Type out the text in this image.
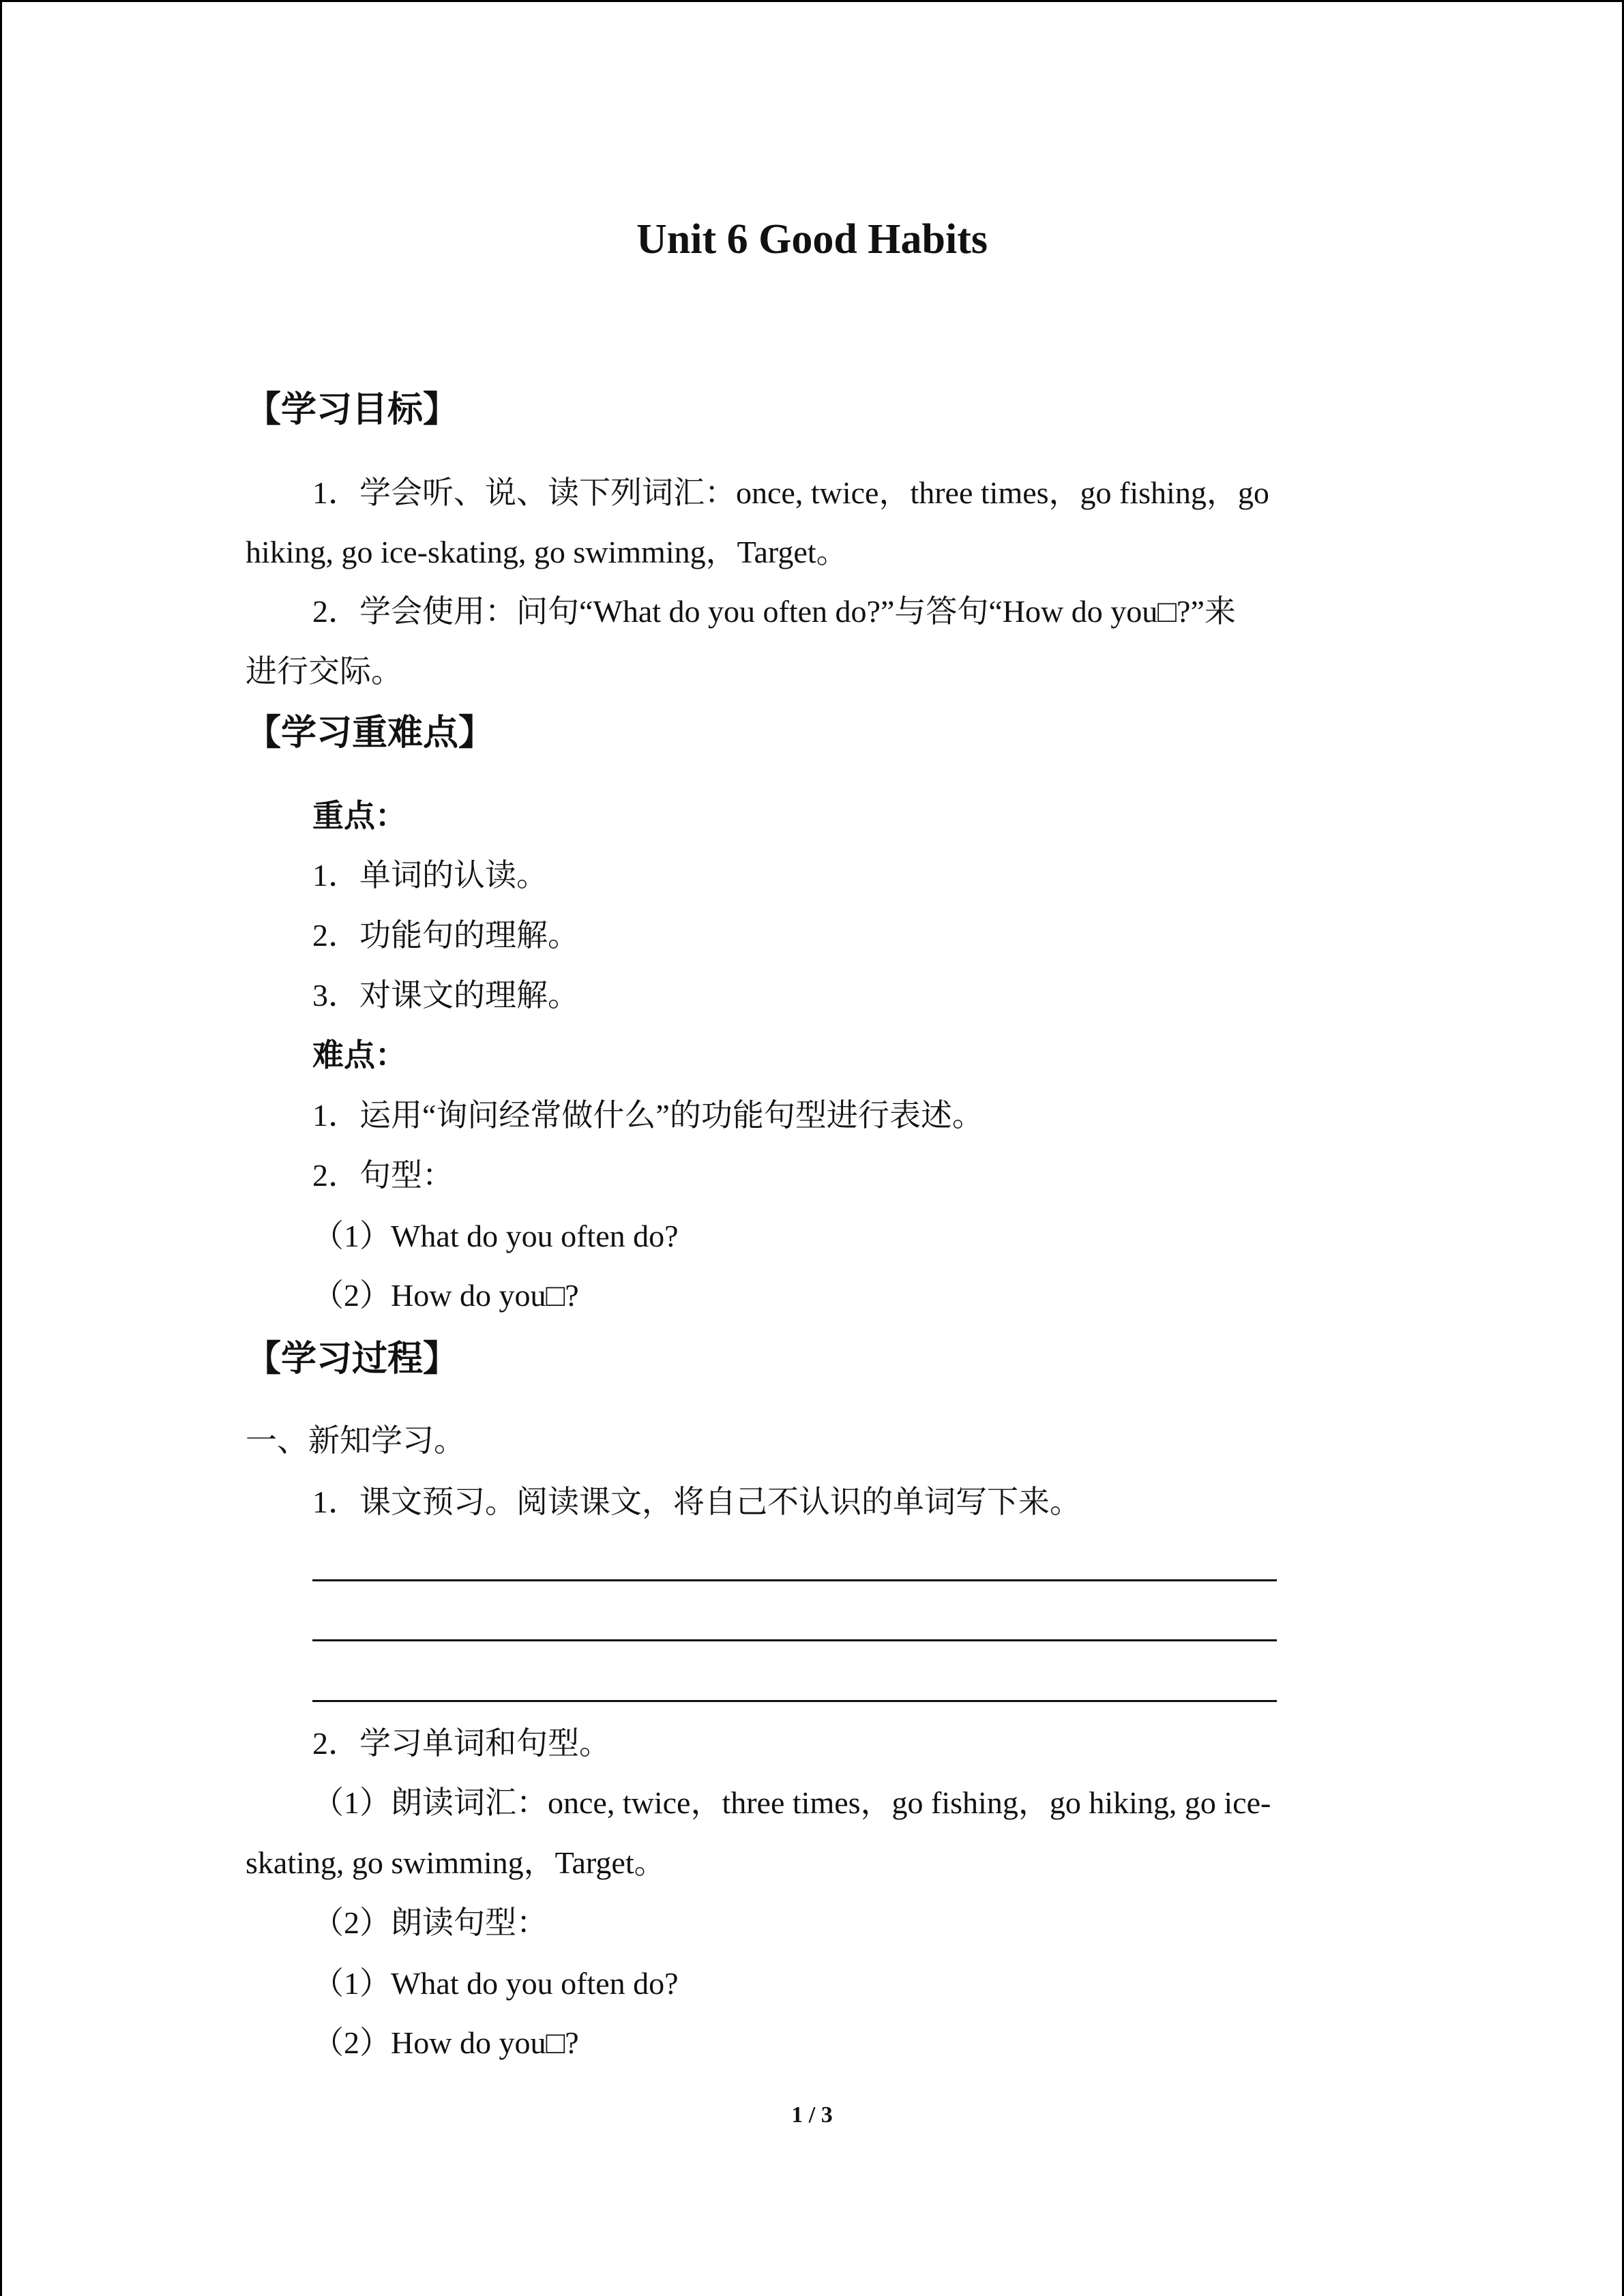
Unit 6 Good Habits
【学习目标】
1．学会听、说、读下列词汇：once, twice，three times，go fishing，go
hiking, go ice-skating, go swimming，Target。
2．学会使用：问句“What do you often do?”与答句“How do you□?”来
进行交际。
【学习重难点】
重点：
1．单词的认读。
2．功能句的理解。
3．对课文的理解。
难点：
1．运用“询问经常做什么”的功能句型进行表述。
2．句型：
（1）What do you often do?
（2）How do you□?
【学习过程】
一、新知学习。
1．课文预习。阅读课文，将自己不认识的单词写下来。
2．学习单词和句型。
（1）朗读词汇：once, twice，three times，go fishing，go hiking, go ice-
skating, go swimming，Target。
（2）朗读句型：
（1）What do you often do?
（2）How do you□?
1 / 3
